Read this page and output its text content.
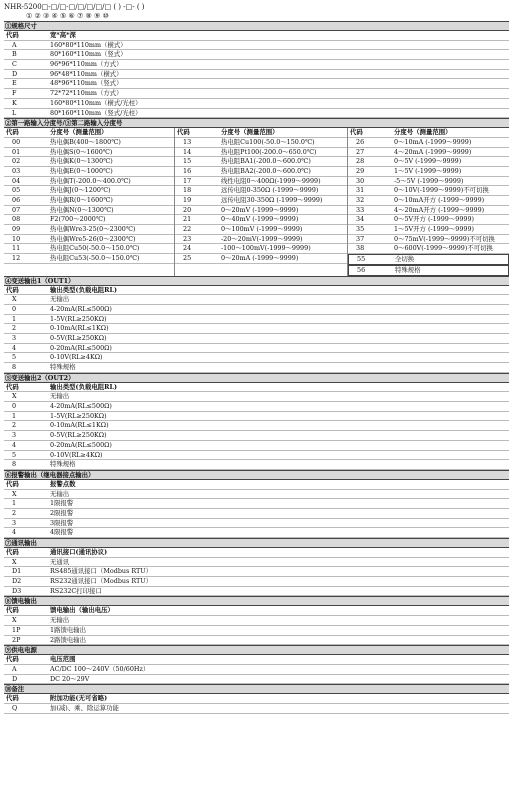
NHR-5200□-□/□-□/□/□/□/□ ( ) -□- ( )
① ② ③ ④ ⑤ ⑥ ⑦ ⑧ ⑨ ⑩
①规格尺寸
代码	宽*高*深
A	160*80*110mm（横式）
B	80*160*110mm（竖式）
C	96*96*110mm（方式）
D	96*48*110mm（横式）
E	48*96*110mm（竖式）
F	72*72*110mm（方式）
K	160*80*110mm（横式/光柱）
L	80*160*110mm（竖式/光柱）
②第一路输入分度号/③第二路输入分度号
代码	分度号（测量范围）
00	热电偶B(400～1800℃)
01	热电偶S(0～1600℃)
02	热电偶K(0～1300℃)
03	热电偶E(0～1000℃)
04	热电偶T(-200.0～400.0℃)
05	热电偶J(0～1200℃)
06	热电偶R(0～1600℃)
07	热电偶N(0～1300℃)
08	F2(700～2000℃)
09	热电偶Wre3-25(0～2300℃)
10	热电偶Wre5-26(0～2300℃)
11	热电阻Cu50(-50.0～150.0℃)
12	热电阻Cu53(-50.0～150.0℃)
代码	分度号（测量范围）
13	热电阻Cu100(-50.0～150.0℃)
14	热电阻Pt100(-200.0～650.0℃)
15	热电阻BA1(-200.0～600.0℃)
16	热电阻BA2(-200.0～600.0℃)
17	线性电阻0～400Ω(-1999～9999)
18	远传电阻0-350Ω (-1999～9999)
19	远传电阻30-350Ω (-1999～9999)
20	0～20mV (-1999～9999)
21	0～40mV (-1999～9999)
22	0～100mV (-1999～9999)
23	-20～20mV(-1999～9999)
24	-100～100mV(-1999～9999)
25	0～20mA (-1999～9999)
代码	分度号（测量范围）
26	0～10mA (-1999～9999)
27	4～20mA (-1999～9999)
28	0～5V (-1999～9999)
29	1～5V (-1999～9999)
30	-5～5V (-1999～9999)
31	0～10V(-1999～9999)不可切换
32	0～10mA开方 (-1999～9999)
33	4～20mA开方 (-1999～9999)
34	0～5V开方 (-1999～9999)
35	1～5V开方 (-1999～9999)
37	0～75mV(-1999～9999)不可切换
38	0～600V(-1999～9999)不可切换
55	全切换
56	特殊规格
④变送输出1（OUT1）
代码	输出类型(负载电阻RL)
X	无输出
0	4-20mA(RL≤500Ω)
1	1-5V(RL≥250KΩ)
2	0-10mA(RL≤1KΩ)
3	0-5V(RL≥250KΩ)
4	0-20mA(RL≤500Ω)
5	0-10V(RL≥4KΩ)
8	特殊规格
⑤变送输出2（OUT2）
代码	输出类型(负载电阻RL)
X	无输出
0	4-20mA(RL≤500Ω)
1	1-5V(RL≥250KΩ)
2	0-10mA(RL≤1KΩ)
3	0-5V(RL≥250KΩ)
4	0-20mA(RL≤500Ω)
5	0-10V(RL≥4KΩ)
8	特殊规格
⑥报警输出（继电器接点输出）
代码	报警点数
X	无输出
1	1限报警
2	2限报警
3	3限报警
4	4限报警
⑦通讯输出
代码	通讯接口(通讯协议)
X	无通讯
D1	RS485通讯接口（Modbus RTU）
D2	RS232通讯接口（Modbus RTU）
D3	RS232C打印接口
⑧馈电输出
代码	馈电输出（输出电压）
X	无输出
1P	1路馈电输出
2P	2路馈电输出
⑨供电电源
代码	电压范围
A	AC/DC 100～240V（50/60Hz）
D	DC 20～29V
⑩备注
代码	附加功能(无可省略)
Q	加(减)、乘、除运算功能
